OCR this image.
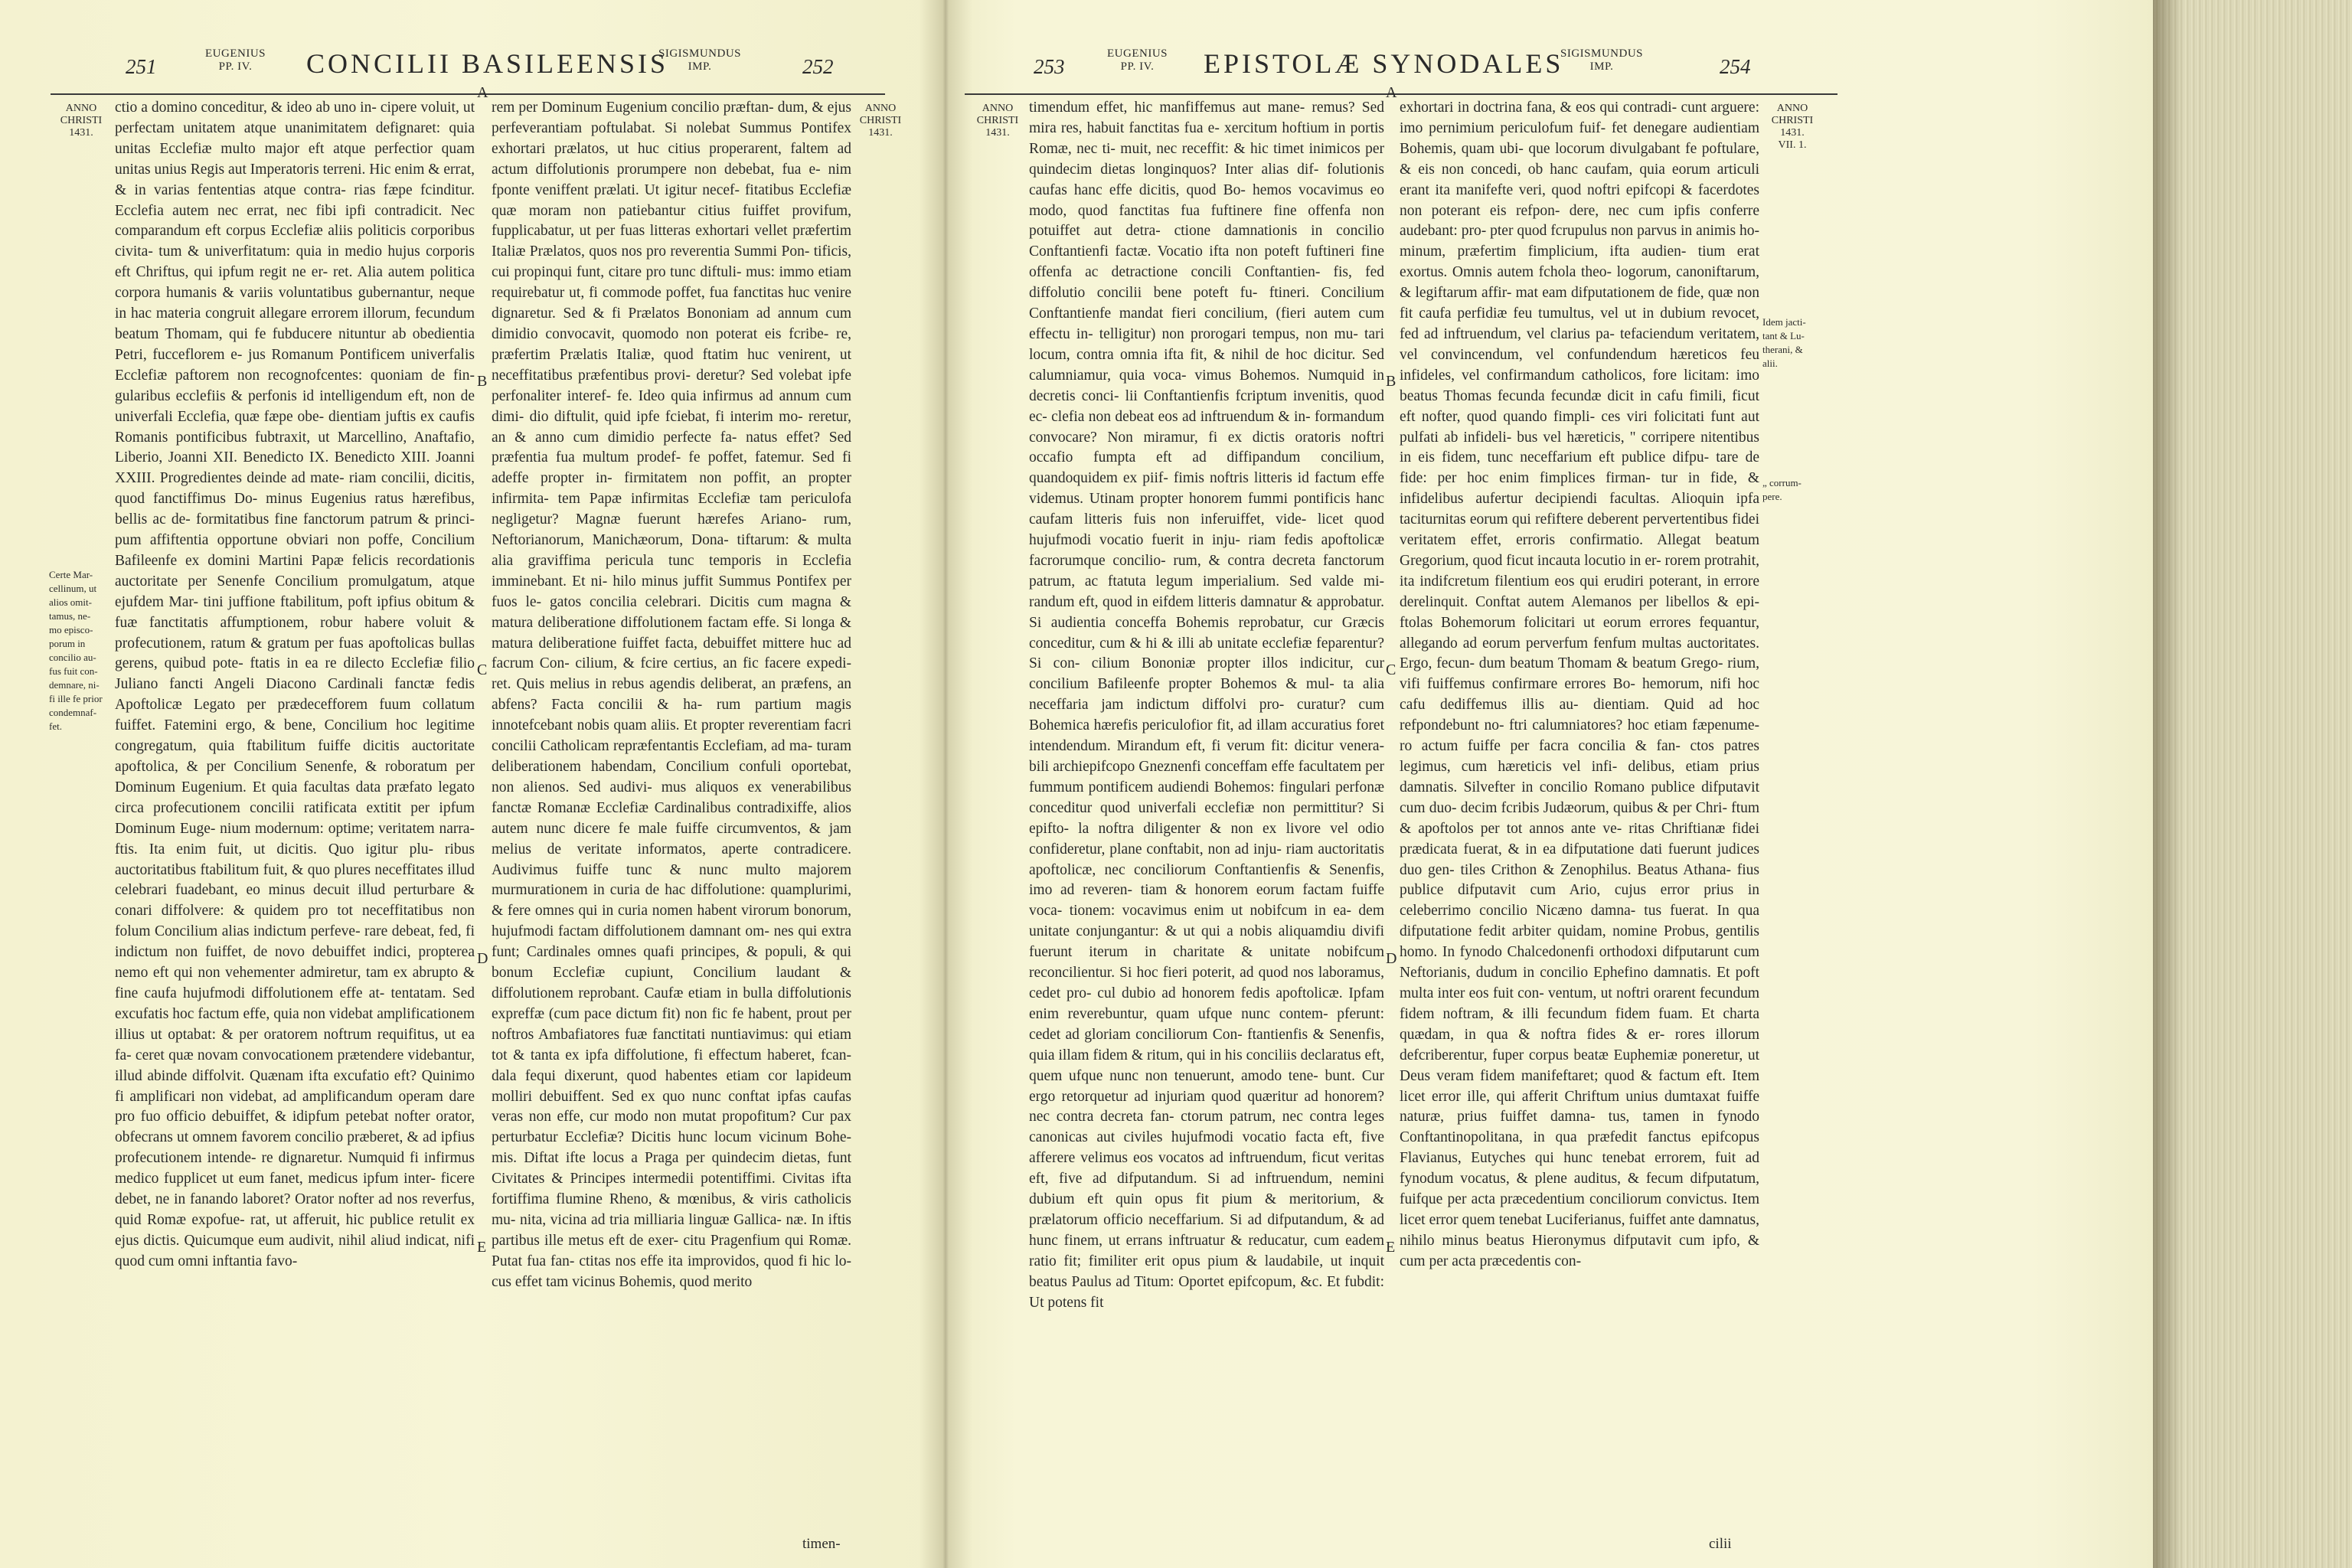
251
EUGENIUS
PP. IV.	CONCILII BASILEENSIS
SIGISMUNDUS
IMP.	252
ANNO
CHRISTI
1431.
ANNO
CHRISTI
1431.
Certe Mar-
cellinum, ut
alios omit-
tamus, ne-
mo episco-
porum in
concilio au-
fus fuit con-
demnare, ni-
fi ille fe prior
condemnaf-
fet.
A
B
C
D
E

ctio a domino conceditur, & ideo ab uno in- cipere voluit, ut perfectam unitatem atque unanimitatem defignaret: quia unitas Ecclefiæ multo major eft atque perfectior quam unitas unius Regis aut Imperatoris terreni. Hic enim & errat, & in varias fententias atque contra- rias fæpe fcinditur. Ecclefia autem nec errat, nec fibi ipfi contradicit. Nec comparandum eft corpus Ecclefiæ aliis politicis corporibus civita- tum & univerfitatum: quia in medio hujus corporis eft Chriftus, qui ipfum regit ne er- ret. Alia autem politica corpora humanis & variis voluntatibus gubernantur, neque in hac materia congruit allegare errorem illorum, fecundum beatum Thomam, qui fe fubducere nituntur ab obedientia Petri, fucceflorem e- jus Romanum Pontificem univerfalis Ecclefiæ paftorem non recognofcentes: quoniam de fin- gularibus ecclefiis & perfonis id intelligendum eft, non de univerfali Ecclefia, quæ fæpe obe- dientiam juftis ex caufis Romanis pontificibus fubtraxit, ut Marcellino, Anaftafio, Liberio, Joanni XII. Benedicto IX. Benedicto XIII. Joanni XXIII. Progredientes deinde ad mate- riam concilii, dicitis, quod fanctiffimus Do- minus Eugenius ratus hærefibus, bellis ac de- formitatibus fine fanctorum patrum & princi- pum affiftentia opportune obviari non poffe, Concilium Bafileenfe ex domini Martini Papæ felicis recordationis auctoritate per Senenfe Concilium promulgatum, atque ejufdem Mar- tini juffione ftabilitum, poft ipfius obitum & fuæ fanctitatis affumptionem, robur habere voluit & profecutionem, ratum & gratum per fuas apoftolicas bullas gerens, quibud pote- ftatis in ea re dilecto Ecclefiæ filio Juliano fancti Angeli Diacono Cardinali fanctæ fedis Apoftolicæ Legato per prædecefforem fuum collatum fuiffet. Fatemini ergo, & bene, Concilium hoc legitime congregatum, quia ftabilitum fuiffe dicitis auctoritate apoftolica, & per Concilium Senenfe, & roboratum per Dominum Eugenium. Et quia facultas data præfato legato circa profecutionem concilii ratificata extitit per ipfum Dominum Euge- nium modernum: optime; veritatem narra- ftis. Ita enim fuit, ut dicitis. Quo igitur plu- ribus auctoritatibus ftabilitum fuit, & quo plures neceffitates illud celebrari fuadebant, eo minus decuit illud perturbare & conari diffolvere: & quidem pro tot neceffitatibus non folum Concilium alias indictum perfeve- rare debeat, fed, fi indictum non fuiffet, de novo debuiffet indici, propterea nemo eft qui non vehementer admiretur, tam ex abrupto & fine caufa hujufmodi diffolutionem effe at- tentatam. Sed excufatis hoc factum effe, quia non videbat amplificationem illius ut optabat: & per oratorem noftrum requifitus, ut ea fa- ceret quæ novam convocationem prætendere videbantur, illud abinde diffolvit. Quænam ifta excufatio eft? Quinimo fi amplificari non videbat, ad amplificandum operam dare pro fuo officio debuiffet, & idipfum petebat nofter orator, obfecrans ut omnem favorem concilio præberet, & ad ipfius profecutionem intende- re dignaretur. Numquid fi infirmus medico fupplicet ut eum fanet, medicus ipfum inter- ficere debet, ne in fanando laboret? Orator nofter ad nos reverfus, quid Romæ expofue- rat, ut afferuit, hic publice retulit ex ejus dictis. Quicumque eum audivit, nihil aliud indicat, nifi quod cum omni inftantia favo-

rem per Dominum Eugenium concilio præftan- dum, & ejus perfeverantiam poftulabat. Si nolebat Summus Pontifex exhortari prælatos, ut huc citius properarent, faltem ad actum diffolutionis prorumpere non debebat, fua e- nim fponte veniffent prælati. Ut igitur necef- fitatibus Ecclefiæ quæ moram non patiebantur citius fuiffet provifum, fupplicabatur, ut per fuas litteras exhortari vellet præfertim Italiæ Prælatos, quos nos pro reverentia Summi Pon- tificis, cui propinqui funt, citare pro tunc diftuli- mus: immo etiam requirebatur ut, fi commode poffet, fua fanctitas huc venire dignaretur. Sed & fi Prælatos Bononiam ad annum cum dimidio convocavit, quomodo non poterat eis fcribe- re, præfertim Prælatis Italiæ, quod ftatim huc venirent, ut neceffitatibus præfentibus provi- deretur? Sed volebat ipfe perfonaliter interef- fe. Ideo quia infirmus ad annum cum dimi- dio diftulit, quid ipfe fciebat, fi interim mo- reretur, an & anno cum dimidio perfecte fa- natus effet? Sed præfentia fua multum prodef- fe poffet, fatemur. Sed fi adeffe propter in- firmitatem non poffit, an propter infirmita- tem Papæ infirmitas Ecclefiæ tam periculofa negligetur? Magnæ fuerunt hærefes Ariano- rum, Neftorianorum, Manichæorum, Dona- tiftarum: & multa alia graviffima pericula tunc temporis in Ecclefia imminebant. Et ni- hilo minus juffit Summus Pontifex per fuos le- gatos concilia celebrari. Dicitis cum magna & matura deliberatione diffolutionem factam effe. Si longa & matura deliberatione fuiffet facta, debuiffet mittere huc ad facrum Con- cilium, & fcire certius, an fic facere expedi- ret. Quis melius in rebus agendis deliberat, an præfens, an abfens? Facta concilii & ha- rum partium magis innotefcebant nobis quam aliis. Et propter reverentiam facri concilii Catholicam repræfentantis Ecclefiam, ad ma- turam deliberationem habendam, Concilium confuli oportebat, non alienos. Sed audivi- mus aliquos ex venerabilibus fanctæ Romanæ Ecclefiæ Cardinalibus contradixiffe, alios autem nunc dicere fe male fuiffe circumventos, & jam melius de veritate informatos, aperte contradicere. Audivimus fuiffe tunc & nunc multo majorem murmurationem in curia de hac diffolutione: quamplurimi, & fere omnes qui in curia nomen habent virorum bonorum, hujufmodi factam diffolutionem damnant om- nes qui extra funt; Cardinales omnes quafi principes, & populi, & qui bonum Ecclefiæ cupiunt, Concilium laudant & diffolutionem reprobant. Caufæ etiam in bulla diffolutionis expreffæ (cum pace dictum fit) non fic fe habent, prout per noftros Ambafiatores fuæ fanctitati nuntiavimus: qui etiam tot & tanta ex ipfa diffolutione, fi effectum haberet, fcan- dala fequi dixerunt, quod habentes etiam cor lapideum molliri debuiffent. Sed ex quo nunc conftat ipfas caufas veras non effe, cur modo non mutat propofitum? Cur pax perturbatur Ecclefiæ? Dicitis hunc locum vicinum Bohe- mis. Diftat ifte locus a Praga per quindecim dietas, funt Civitates & Principes intermedii potentiffimi. Civitas ifta fortiffima flumine Rheno, & mœnibus, & viris catholicis mu- nita, vicina ad tria milliaria linguæ Gallica- næ. In iftis partibus ille metus eft de exer- citu Pragenfium qui Romæ. Putat fua fan- ctitas nos effe ita improvidos, quod fi hic lo- cus effet tam vicinus Bohemis, quod merito

timen-
253
EUGENIUS
PP. IV.	EPISTOLÆ SYNODALES
SIGISMUNDUS
IMP.	254
ANNO
CHRISTI
1431.
ANNO
CHRISTI
1431.
VII. 1.
Idem jacti-
tant & Lu-
therani, &
alii.
„ corrum-
pere.
A
B
C
D
E

timendum effet, hic manfiffemus aut mane- remus? Sed mira res, habuit fanctitas fua e- xercitum hoftium in portis Romæ, nec ti- muit, nec receffit: & hic timet inimicos per quindecim dietas longinquos? Inter alias dif- folutionis caufas hanc effe dicitis, quod Bo- hemos vocavimus eo modo, quod fanctitas fua fuftinere fine offenfa non potuiffet aut detra- ctione damnationis in concilio Conftantienfi factæ. Vocatio ifta non poteft fuftineri fine offenfa ac detractione concili Conftantien- fis, fed diffolutio concilii bene poteft fu- ftineri. Concilium Conftantienfe mandat fieri concilium, (fieri autem cum effectu in- telligitur) non prorogari tempus, non mu- tari locum, contra omnia ifta fit, & nihil de hoc dicitur. Sed calumniamur, quia voca- vimus Bohemos. Numquid in decretis conci- lii Conftantienfis fcriptum invenitis, quod ec- clefia non debeat eos ad inftruendum & in- formandum convocare? Non miramur, fi ex dictis oratoris noftri occafio fumpta eft ad diffipandum concilium, quandoquidem ex piif- fimis noftris litteris id factum effe videmus. Utinam propter honorem fummi pontificis hanc caufam litteris fuis non inferuiffet, vide- licet quod hujufmodi vocatio fuerit in inju- riam fedis apoftolicæ facrorumque concilio- rum, & contra decreta fanctorum patrum, ac ftatuta legum imperialium. Sed valde mi- randum eft, quod in eifdem litteris damnatur & approbatur. Si audientia conceffa Bohemis reprobatur, cur Græcis conceditur, cum & hi & illi ab unitate ecclefiæ feparentur? Si con- cilium Bononiæ propter illos indicitur, cur concilium Bafileenfe propter Bohemos & mul- ta alia neceffaria jam indictum diffolvi pro- curatur? cum Bohemica hærefis periculofior fit, ad illam accuratius foret intendendum. Mirandum eft, fi verum fit: dicitur venera- bili archiepifcopo Gneznenfi conceffam effe facultatem per fummum pontificem audiendi Bohemos: fingulari perfonæ conceditur quod univerfali ecclefiæ non permittitur? Si epifto- la noftra diligenter & non ex livore vel odio confideretur, plane conftabit, non ad inju- riam auctoritatis apoftolicæ, nec conciliorum Conftantienfis & Senenfis, imo ad reveren- tiam & honorem eorum factam fuiffe voca- tionem: vocavimus enim ut nobifcum in ea- dem unitate conjungantur: & ut qui a nobis aliquamdiu divifi fuerunt iterum in charitate & unitate nobifcum reconcilientur. Si hoc fieri poterit, ad quod nos laboramus, cedet pro- cul dubio ad honorem fedis apoftolicæ. Ipfam enim reverebuntur, quam ufque nunc contem- pferunt: cedet ad gloriam conciliorum Con- ftantienfis & Senenfis, quia illam fidem & ritum, qui in his conciliis declaratus eft, quem ufque nunc non tenuerunt, amodo tene- bunt. Cur ergo retorquetur ad injuriam quod quæritur ad honorem? nec contra decreta fan- ctorum patrum, nec contra leges canonicas aut civiles hujufmodi vocatio facta eft, five afferere velimus eos vocatos ad inftruendum, ficut veritas eft, five ad difputandum. Si ad inftruendum, nemini dubium eft quin opus fit pium & meritorium, & prælatorum officio neceffarium. Si ad difputandum, & ad hunc finem, ut errans inftruatur & reducatur, cum eadem ratio fit; fimiliter erit opus pium & laudabile, ut inquit beatus Paulus ad Titum: Oportet epifcopum, &c. Et fubdit: Ut potens fit

exhortari in doctrina fana, & eos qui contradi- cunt arguere: imo pernimium periculofum fuif- fet denegare audientiam Bohemis, quam ubi- que locorum divulgabant fe poftulare, & eis non concedi, ob hanc caufam, quia eorum articuli erant ita manifefte veri, quod noftri epifcopi & facerdotes non poterant eis refpon- dere, nec cum ipfis conferre audebant: pro- pter quod fcrupulus non parvus in animis ho- minum, præfertim fimplicium, ifta audien- tium erat exortus. Omnis autem fchola theo- logorum, canoniftarum, & legiftarum affir- mat eam difputationem de fide, quæ non fit caufa perfidiæ feu tumultus, vel ut in dubium revocet, fed ad inftruendum, vel clarius pa- tefaciendum veritatem, vel convincendum, vel confundendum hæreticos feu infideles, vel confirmandum catholicos, fore licitam: imo beatus Thomas fecunda fecundæ dicit in cafu fimili, ficut eft nofter, quod quando fimpli- ces viri folicitati funt aut pulfati ab infideli- bus vel hæreticis, " corripere nitentibus in eis fidem, tunc neceffarium eft publice difpu- tare de fide: per hoc enim fimplices firman- tur in fide, & infidelibus aufertur decipiendi facultas. Alioquin ipfa taciturnitas eorum qui refiftere deberent pervertentibus fidei veritatem effet, erroris confirmatio. Allegat beatum Gregorium, quod ficut incauta locutio in er- rorem protrahit, ita indifcretum filentium eos qui erudiri poterant, in errore derelinquit. Conftat autem Alemanos per libellos & epi- ftolas Bohemorum folicitari ut eorum errores fequantur, allegando ad eorum perverfum fenfum multas auctoritates. Ergo, fecun- dum beatum Thomam & beatum Grego- rium, vifi fuiffemus confirmare errores Bo- hemorum, nifi hoc cafu dediffemus illis au- dientiam. Quid ad hoc refpondebunt no- ftri calumniatores? hoc etiam fæpenume- ro actum fuiffe per facra concilia & fan- ctos patres legimus, cum hæreticis vel infi- delibus, etiam prius damnatis. Silvefter in concilio Romano publice difputavit cum duo- decim fcribis Judæorum, quibus & per Chri- ftum & apoftolos per tot annos ante ve- ritas Chriftianæ fidei prædicata fuerat, & in ea difputatione dati fuerunt judices duo gen- tiles Crithon & Zenophilus. Beatus Athana- fius publice difputavit cum Ario, cujus error prius in celeberrimo concilio Nicæno damna- tus fuerat. In qua difputatione fedit arbiter quidam, nomine Probus, gentilis homo. In fynodo Chalcedonenfi orthodoxi difputarunt cum Neftorianis, dudum in concilio Ephefino damnatis. Et poft multa inter eos fuit con- ventum, ut noftri orarent fecundum fidem noftram, & illi fecundum fidem fuam. Et charta quædam, in qua & noftra fides & er- rores illorum defcriberentur, fuper corpus beatæ Euphemiæ poneretur, ut Deus veram fidem manifeftaret; quod & factum eft. Item licet error ille, qui afferit Chriftum unius dumtaxat fuiffe naturæ, prius fuiffet damna- tus, tamen in fynodo Conftantinopolitana, in qua præfedit fanctus epifcopus Flavianus, Eutyches qui hunc tenebat errorem, fuit ad fynodum vocatus, & plene auditus, & fecum difputatum, fuifque per acta præcedentium conciliorum convictus. Item licet error quem tenebat Luciferianus, fuiffet ante damnatus, nihilo minus beatus Hieronymus difputavit cum ipfo, & cum per acta præcedentis con-

cilii
